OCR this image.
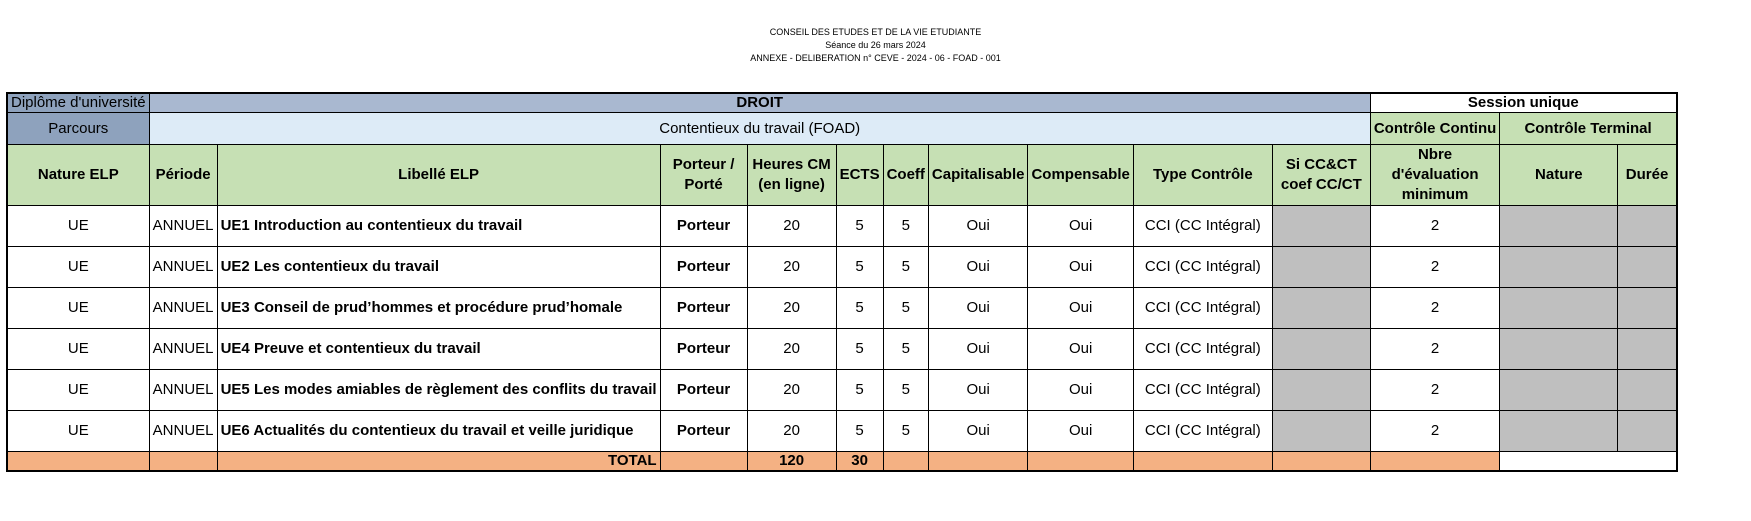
CONSEIL DES ETUDES ET DE LA VIE ETUDIANTE
Séance du 26 mars 2024
ANNEXE - DELIBERATION n° CEVE - 2024 - 06 - FOAD - 001
Diplôme d'université	DROIT										Session unique		
Parcours	Contentieux du travail (FOAD)										Contrôle Continu	Contrôle Terminal	
Nature ELP	Période	Libellé ELP	Porteur / Porté	Heures CM (en ligne)	ECTS	Coeff	Capitalisable	Compensable	Type Contrôle	Si CC&CT coef CC/CT	Nbre d'évaluation minimum	Nature	Durée
UE	ANNUEL	UE1 Introduction au contentieux du travail	Porteur	20	5	5	Oui	Oui	CCI (CC Intégral)		2		
UE	ANNUEL	UE2 Les contentieux du travail	Porteur	20	5	5	Oui	Oui	CCI (CC Intégral)		2		
UE	ANNUEL	UE3 Conseil de prud’hommes et procédure prud’homale	Porteur	20	5	5	Oui	Oui	CCI (CC Intégral)		2		
UE	ANNUEL	UE4 Preuve et contentieux du travail	Porteur	20	5	5	Oui	Oui	CCI (CC Intégral)		2		
UE	ANNUEL	UE5 Les modes amiables de règlement des conflits du travail	Porteur	20	5	5	Oui	Oui	CCI (CC Intégral)		2		
UE	ANNUEL	UE6 Actualités du contentieux du travail et veille juridique	Porteur	20	5	5	Oui	Oui	CCI (CC Intégral)		2		
		TOTAL		120	30								
